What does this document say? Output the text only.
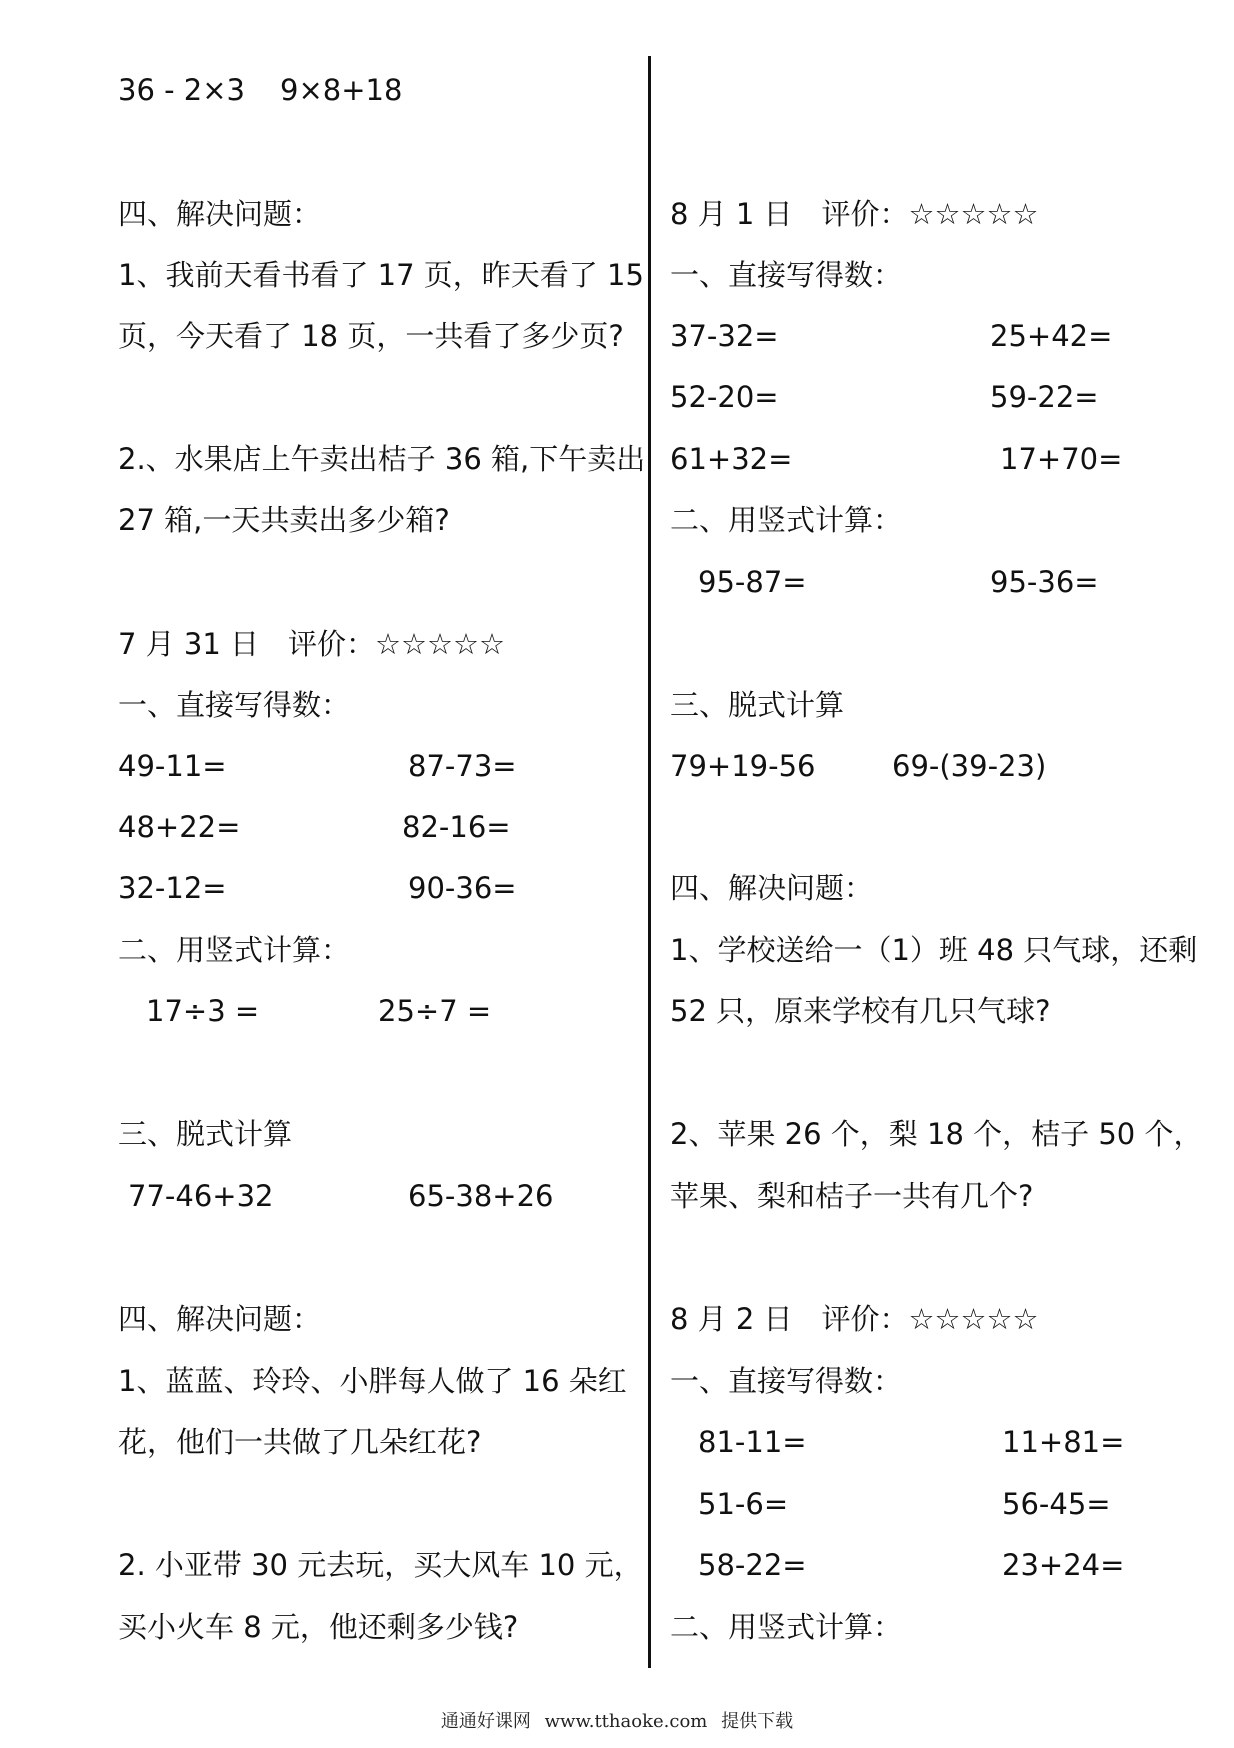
36 - 2×3 9×8+18
四、解决问题：
1、我前天看书看了 17 页，昨天看了 15
页，今天看了 18 页，一共看了多少页?
2.、水果店上午卖出桔子 36 箱,下午卖出
27 箱,一天共卖出多少箱?
7 月 31 日　评价：☆☆☆☆☆
一、直接写得数：
49-11=	87-73=
48+22=	82-16=
32-12=	90-36=
二、用竖式计算：
17÷3 =	25÷7 =
三、脱式计算
77-46+32	65-38+26
四、解决问题：
1、蓝蓝、玲玲、小胖每人做了 16 朵红
花，他们一共做了几朵红花?
2. 小亚带 30 元去玩，买大风车 10 元，
买小火车 8 元，他还剩多少钱?
8 月 1 日　评价：☆☆☆☆☆
一、直接写得数：
37-32=	25+42=
52-20=	59-22=
61+32=	17+70=
二、用竖式计算：
95-87=	95-36=
三、脱式计算
79+19-56	69-(39-23)
四、解决问题：
1、学校送给一（1）班 48 只气球，还剩
52 只，原来学校有几只气球?
2、苹果 26 个，梨 18 个，桔子 50 个，
苹果、梨和桔子一共有几个?
8 月 2 日　评价：☆☆☆☆☆
一、直接写得数：
81-11=	11+81=
51-6=	56-45=
58-22=	23+24=
二、用竖式计算：
通通好课网 www.tthaoke.com 提供下载
